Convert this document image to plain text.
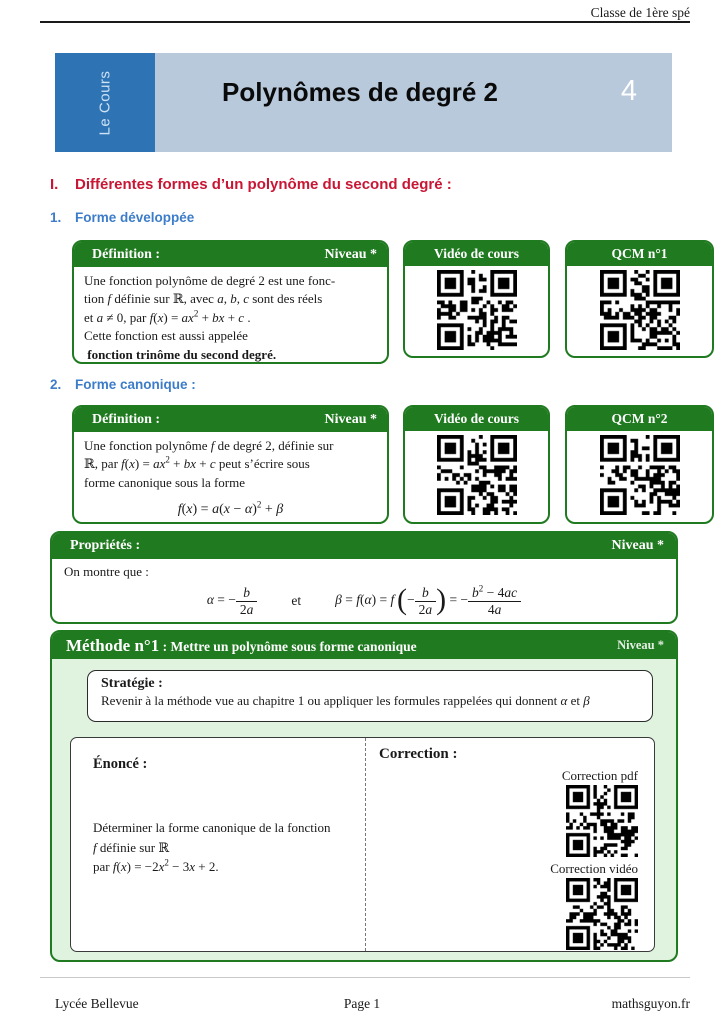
Classe de 1ère spé
Le Cours	Polynômes de degré 2	4
I. Différentes formes d’un polynôme du second degré :
1. Forme développée
Définition :	Niveau *
Une fonction polynôme de degré 2 est une fonc-
tion f définie sur ℝ, avec a, b, c sont des réels
et a ≠ 0, par $f(x) = ax^2$ + bx + c .
Cette fonction est aussi appelée
fonction trinôme du second degré.
Vidéo de cours	QCM n°1
2. Forme canonique :
Définition :	Niveau *
Une fonction polynôme f de degré 2, définie sur
ℝ, par $f(x) = ax^2$ + bx + c peut s’écrire sous
forme canonique sous la forme
$f(x) = a(x - \alpha)^2 + \beta$
Vidéo de cours	QCM n°2
Propriétés :	Niveau *
On montre que :
α = − $\frac{b}{2a}$	et	β = f(α) = f (− $\frac{b}{2a}$ ) = − $\frac{b^2 - 4ac}{4a}$
Méthode n°1 : Mettre un polynôme sous forme canonique	Niveau *
Stratégie :
Revenir à la méthode vue au chapitre 1 ou appliquer les formules rappelées qui donnent α et β
Énoncé :
Déterminer la forme canonique de la fonction
f définie sur ℝ
par $f(x) = -2x^2 - 3x + 2$.
Correction :
Correction pdf
Correction vidéo
Lycée Bellevue	Page 1	mathsguyon.fr
